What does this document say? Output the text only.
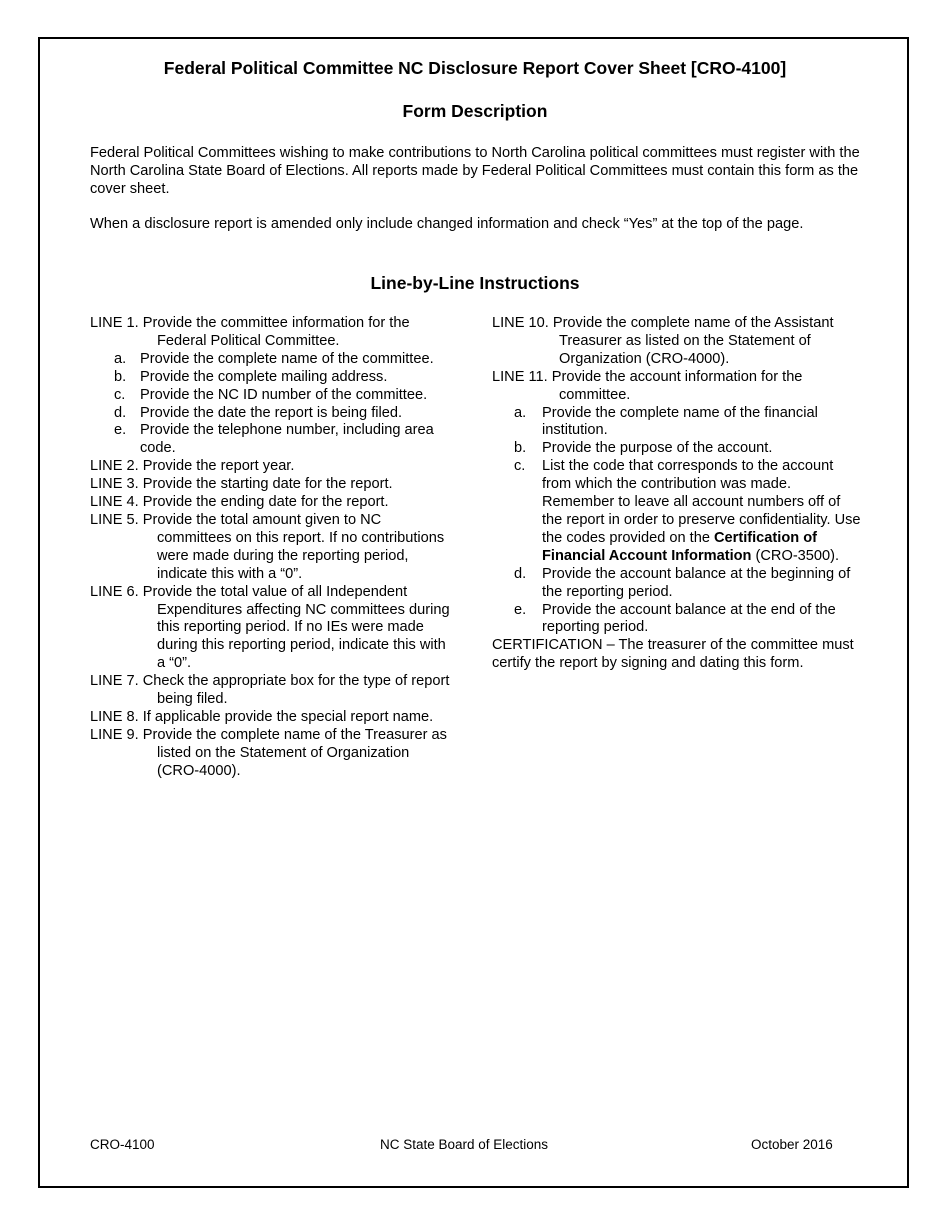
Federal Political Committee NC Disclosure Report Cover Sheet [CRO-4100]
Form Description
Federal Political Committees wishing to make contributions to North Carolina political committees must register with the North Carolina State Board of Elections. All reports made by Federal Political Committees must contain this form as the cover sheet.
When a disclosure report is amended only include changed information and check “Yes” at the top of the page.
Line-by-Line Instructions
LINE 1. Provide the committee information for the Federal Political Committee.
a. Provide the complete name of the committee.
b. Provide the complete mailing address.
c. Provide the NC ID number of the committee.
d. Provide the date the report is being filed.
e. Provide the telephone number, including area code.
LINE 2. Provide the report year.
LINE 3. Provide the starting date for the report.
LINE 4. Provide the ending date for the report.
LINE 5. Provide the total amount given to NC committees on this report. If no contributions were made during the reporting period, indicate this with a “0”.
LINE 6. Provide the total value of all Independent Expenditures affecting NC committees during this reporting period. If no IEs were made during this reporting period, indicate this with a “0”.
LINE 7. Check the appropriate box for the type of report being filed.
LINE 8. If applicable provide the special report name.
LINE 9. Provide the complete name of the Treasurer as listed on the Statement of Organization (CRO-4000).
LINE 10. Provide the complete name of the Assistant Treasurer as listed on the Statement of Organization (CRO-4000).
LINE 11. Provide the account information for the committee.
a. Provide the complete name of the financial institution.
b. Provide the purpose of the account.
c. List the code that corresponds to the account from which the contribution was made. Remember to leave all account numbers off of the report in order to preserve confidentiality. Use the codes provided on the Certification of Financial Account Information (CRO-3500).
d. Provide the account balance at the beginning of the reporting period.
e. Provide the account balance at the end of the reporting period.
CERTIFICATION – The treasurer of the committee must certify the report by signing and dating this form.
CRO-4100	NC State Board of Elections	October 2016
